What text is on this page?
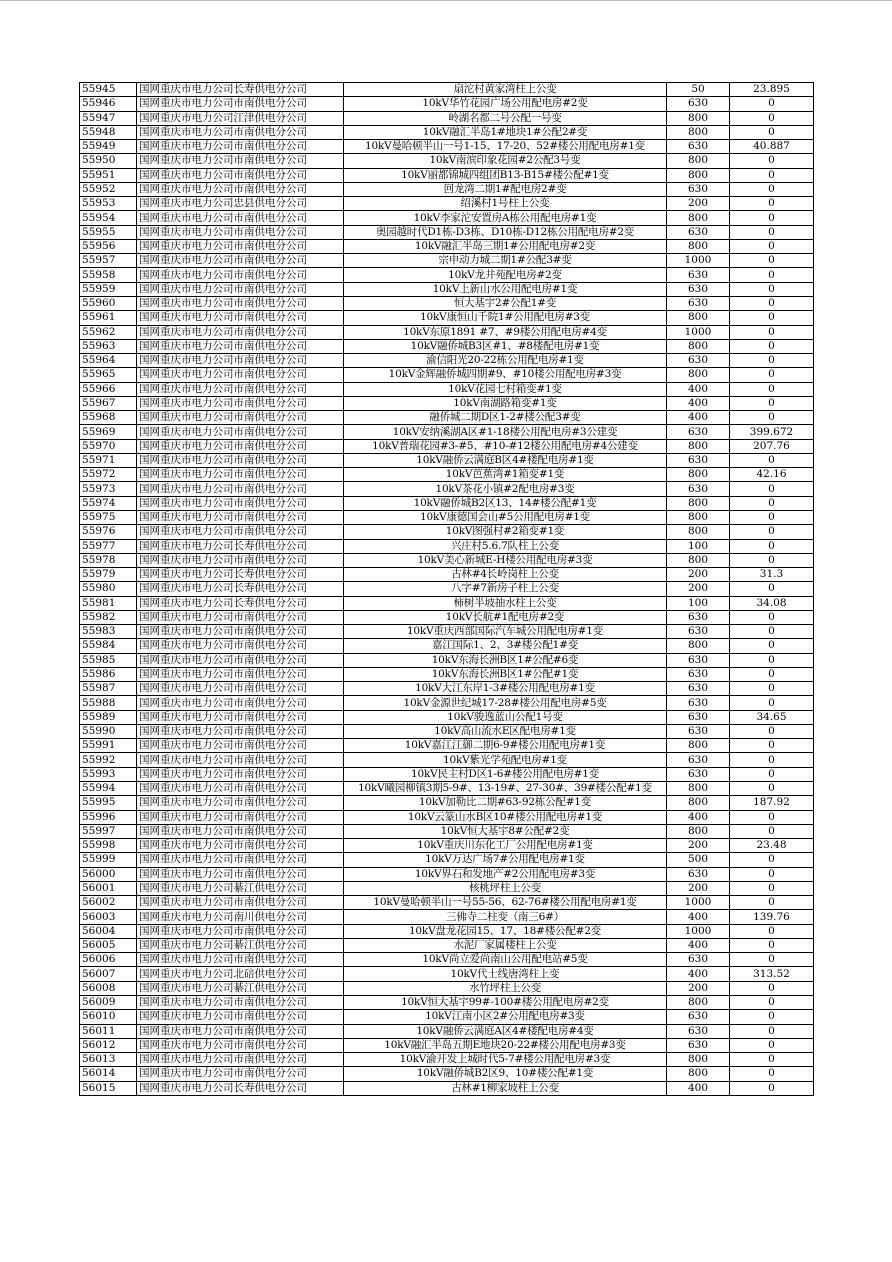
55945	国网重庆市电力公司长寿供电分公司	扇沱村黄家湾柱上公变	50	23.895
55946	国网重庆市电力公司市南供电分公司	10kV华竹花园广场公用配电房#2变	630	0
55947	国网重庆市电力公司江津供电分公司	岭湖名都二号公配一号变	800	0
55948	国网重庆市电力公司市南供电分公司	10kV融汇半岛1#地块1#公配2#变	800	0
55949	国网重庆市电力公司市南供电分公司	10kV曼哈顿半山一号1-15、17-20、52#楼公用配电房#1变	630	40.887
55950	国网重庆市电力公司市南供电分公司	10kV南滨印象花园#2公配3号变	800	0
55951	国网重庆市电力公司市南供电分公司	10kV丽都锦城四组团B13-B15#楼公配#1变	800	0
55952	国网重庆市电力公司市南供电分公司	回龙湾二期1#配电房2#变	630	0
55953	国网重庆市电力公司忠县供电分公司	绍溪村1号柱上公变	200	0
55954	国网重庆市电力公司市南供电分公司	10kV李家沱安置房A栋公用配电房#1变	800	0
55955	国网重庆市电力公司市南供电分公司	奥园越时代D1栋-D3栋、D10栋-D12栋公用配电房#2变	630	0
55956	国网重庆市电力公司市南供电分公司	10kV融汇半岛三期1#公用配电房#2变	800	0
55957	国网重庆市电力公司市南供电分公司	宗申动力城二期1#公配3#变	1000	0
55958	国网重庆市电力公司市南供电分公司	10kV龙井苑配电房#2变	630	0
55959	国网重庆市电力公司市南供电分公司	10kV上新山水公用配电房#1变	630	0
55960	国网重庆市电力公司市南供电分公司	恒大基宇2#公配1#变	630	0
55961	国网重庆市电力公司市南供电分公司	10kV康恒山千院1#公用配电房#3变	800	0
55962	国网重庆市电力公司市南供电分公司	10kV东原1891 #7、#9楼公用配电房#4变	1000	0
55963	国网重庆市电力公司市南供电分公司	10kV融侨城B3区#1、#8楼配电房#1变	800	0
55964	国网重庆市电力公司市南供电分公司	渝信阳光20-22栋公用配电房#1变	630	0
55965	国网重庆市电力公司市南供电分公司	10kV金辉融侨城四期#9、#10楼公用配电房#3变	800	0
55966	国网重庆市电力公司市南供电分公司	10kV花园七村箱变#1变	400	0
55967	国网重庆市电力公司市南供电分公司	10kV南湖路箱变#1变	400	0
55968	国网重庆市电力公司市南供电分公司	融侨城二期D区1-2#楼公配3#变	400	0
55969	国网重庆市电力公司市南供电分公司	10kV安纳溪湖A区#1-18楼公用配电房#3公建变	630	399.672
55970	国网重庆市电力公司市南供电分公司	10kV普瑞花园#3-#5、#10-#12楼公用配电房#4公建变	800	207.76
55971	国网重庆市电力公司市南供电分公司	10kV融侨云满庭B区4#楼配电房#1变	630	0
55972	国网重庆市电力公司市南供电分公司	10kV芭蕉湾#1箱变#1变	800	42.16
55973	国网重庆市电力公司市南供电分公司	10kV茶花小镇#2配电房#3变	630	0
55974	国网重庆市电力公司市南供电分公司	10kV融侨城B2区13、14#楼公配#1变	800	0
55975	国网重庆市电力公司市南供电分公司	10kV康德国会山#5公用配电房#1变	800	0
55976	国网重庆市电力公司市南供电分公司	10kV图强村#2箱变#1变	800	0
55977	国网重庆市电力公司长寿供电分公司	兴庄村5.6.7队柱上公变	100	0
55978	国网重庆市电力公司市南供电分公司	10kV美心新城E-H楼公用配电房#3变	800	0
55979	国网重庆市电力公司长寿供电分公司	古林#4长岭岗柱上公变	200	31.3
55980	国网重庆市电力公司长寿供电分公司	八字#7新房子柱上公变	200	0
55981	国网重庆市电力公司长寿供电分公司	柿树半坡抽水柱上公变	100	34.08
55982	国网重庆市电力公司市南供电分公司	10kV长航#1配电房#2变	630	0
55983	国网重庆市电力公司市南供电分公司	10kV重庆西部国际汽车城公用配电房#1变	630	0
55984	国网重庆市电力公司市南供电分公司	嘉江国际1、2、3#楼公配1#变	800	0
55985	国网重庆市电力公司市南供电分公司	10kV东海长洲B区1#公配#6变	630	0
55986	国网重庆市电力公司市南供电分公司	10kV东海长洲B区1#公配#1变	630	0
55987	国网重庆市电力公司市南供电分公司	10kV大江东岸1-3#楼公用配电房#1变	630	0
55988	国网重庆市电力公司市南供电分公司	10kV金源世纪城17-28#楼公用配电房#5变	630	0
55989	国网重庆市电力公司市南供电分公司	10kV骏逸蓝山公配1号变	630	34.65
55990	国网重庆市电力公司市南供电分公司	10kV高山流水E区配电房#1变	630	0
55991	国网重庆市电力公司市南供电分公司	10kV嘉江江御二期6-9#楼公用配电房#1变	800	0
55992	国网重庆市电力公司市南供电分公司	10kV紫光学苑配电房#1变	630	0
55993	国网重庆市电力公司市南供电分公司	10kV民主村D区1-6#楼公用配电房#1变	630	0
55994	国网重庆市电力公司市南供电分公司	10kV曦园柳镇3期5-9#、13-19#、27-30#、39#楼公配#1变	800	0
55995	国网重庆市电力公司市南供电分公司	10kV加勒比二期#63-92栋公配#1变	800	187.92
55996	国网重庆市电力公司市南供电分公司	10kV云篆山水B区10#楼公用配电房#1变	400	0
55997	国网重庆市电力公司市南供电分公司	10kV恒大基宇8#公配#2变	800	0
55998	国网重庆市电力公司市南供电分公司	10kV重庆川东化工厂公用配电房#1变	200	23.48
55999	国网重庆市电力公司市南供电分公司	10kV万达广场7#公用配电房#1变	500	0
56000	国网重庆市电力公司市南供电分公司	10kV界石和发地产#2公用配电房#3变	630	0
56001	国网重庆市电力公司綦江供电分公司	核桃坪柱上公变	200	0
56002	国网重庆市电力公司市南供电分公司	10kV曼哈顿半山一号55-56、62-76#楼公用配电房#1变	1000	0
56003	国网重庆市电力公司南川供电分公司	三佛寺二柱变（南三6#）	400	139.76
56004	国网重庆市电力公司市南供电分公司	10kV盘龙花园15、17、18#楼公配#2变	1000	0
56005	国网重庆市电力公司綦江供电分公司	水泥厂家属楼柱上公变	400	0
56006	国网重庆市电力公司市南供电分公司	10kV尚立爱尚南山公用配电站#5变	630	0
56007	国网重庆市电力公司北碚供电分公司	10kV代士线唐湾柱上变	400	313.52
56008	国网重庆市电力公司綦江供电分公司	水竹坪柱上公变	200	0
56009	国网重庆市电力公司市南供电分公司	10kV恒大基宇99#-100#楼公用配电房#2变	800	0
56010	国网重庆市电力公司市南供电分公司	10kV江南小区2#公用配电房#3变	630	0
56011	国网重庆市电力公司市南供电分公司	10kV融侨云满庭A区4#楼配电房#4变	630	0
56012	国网重庆市电力公司市南供电分公司	10kV融汇半岛五期E地块20-22#楼公用配电房#3变	630	0
56013	国网重庆市电力公司市南供电分公司	10kV渝开发上城时代5-7#楼公用配电房#3变	800	0
56014	国网重庆市电力公司市南供电分公司	10kV融侨城B2区9、10#楼公配#1变	800	0
56015	国网重庆市电力公司长寿供电分公司	古林#1柳家坡柱上公变	400	0
